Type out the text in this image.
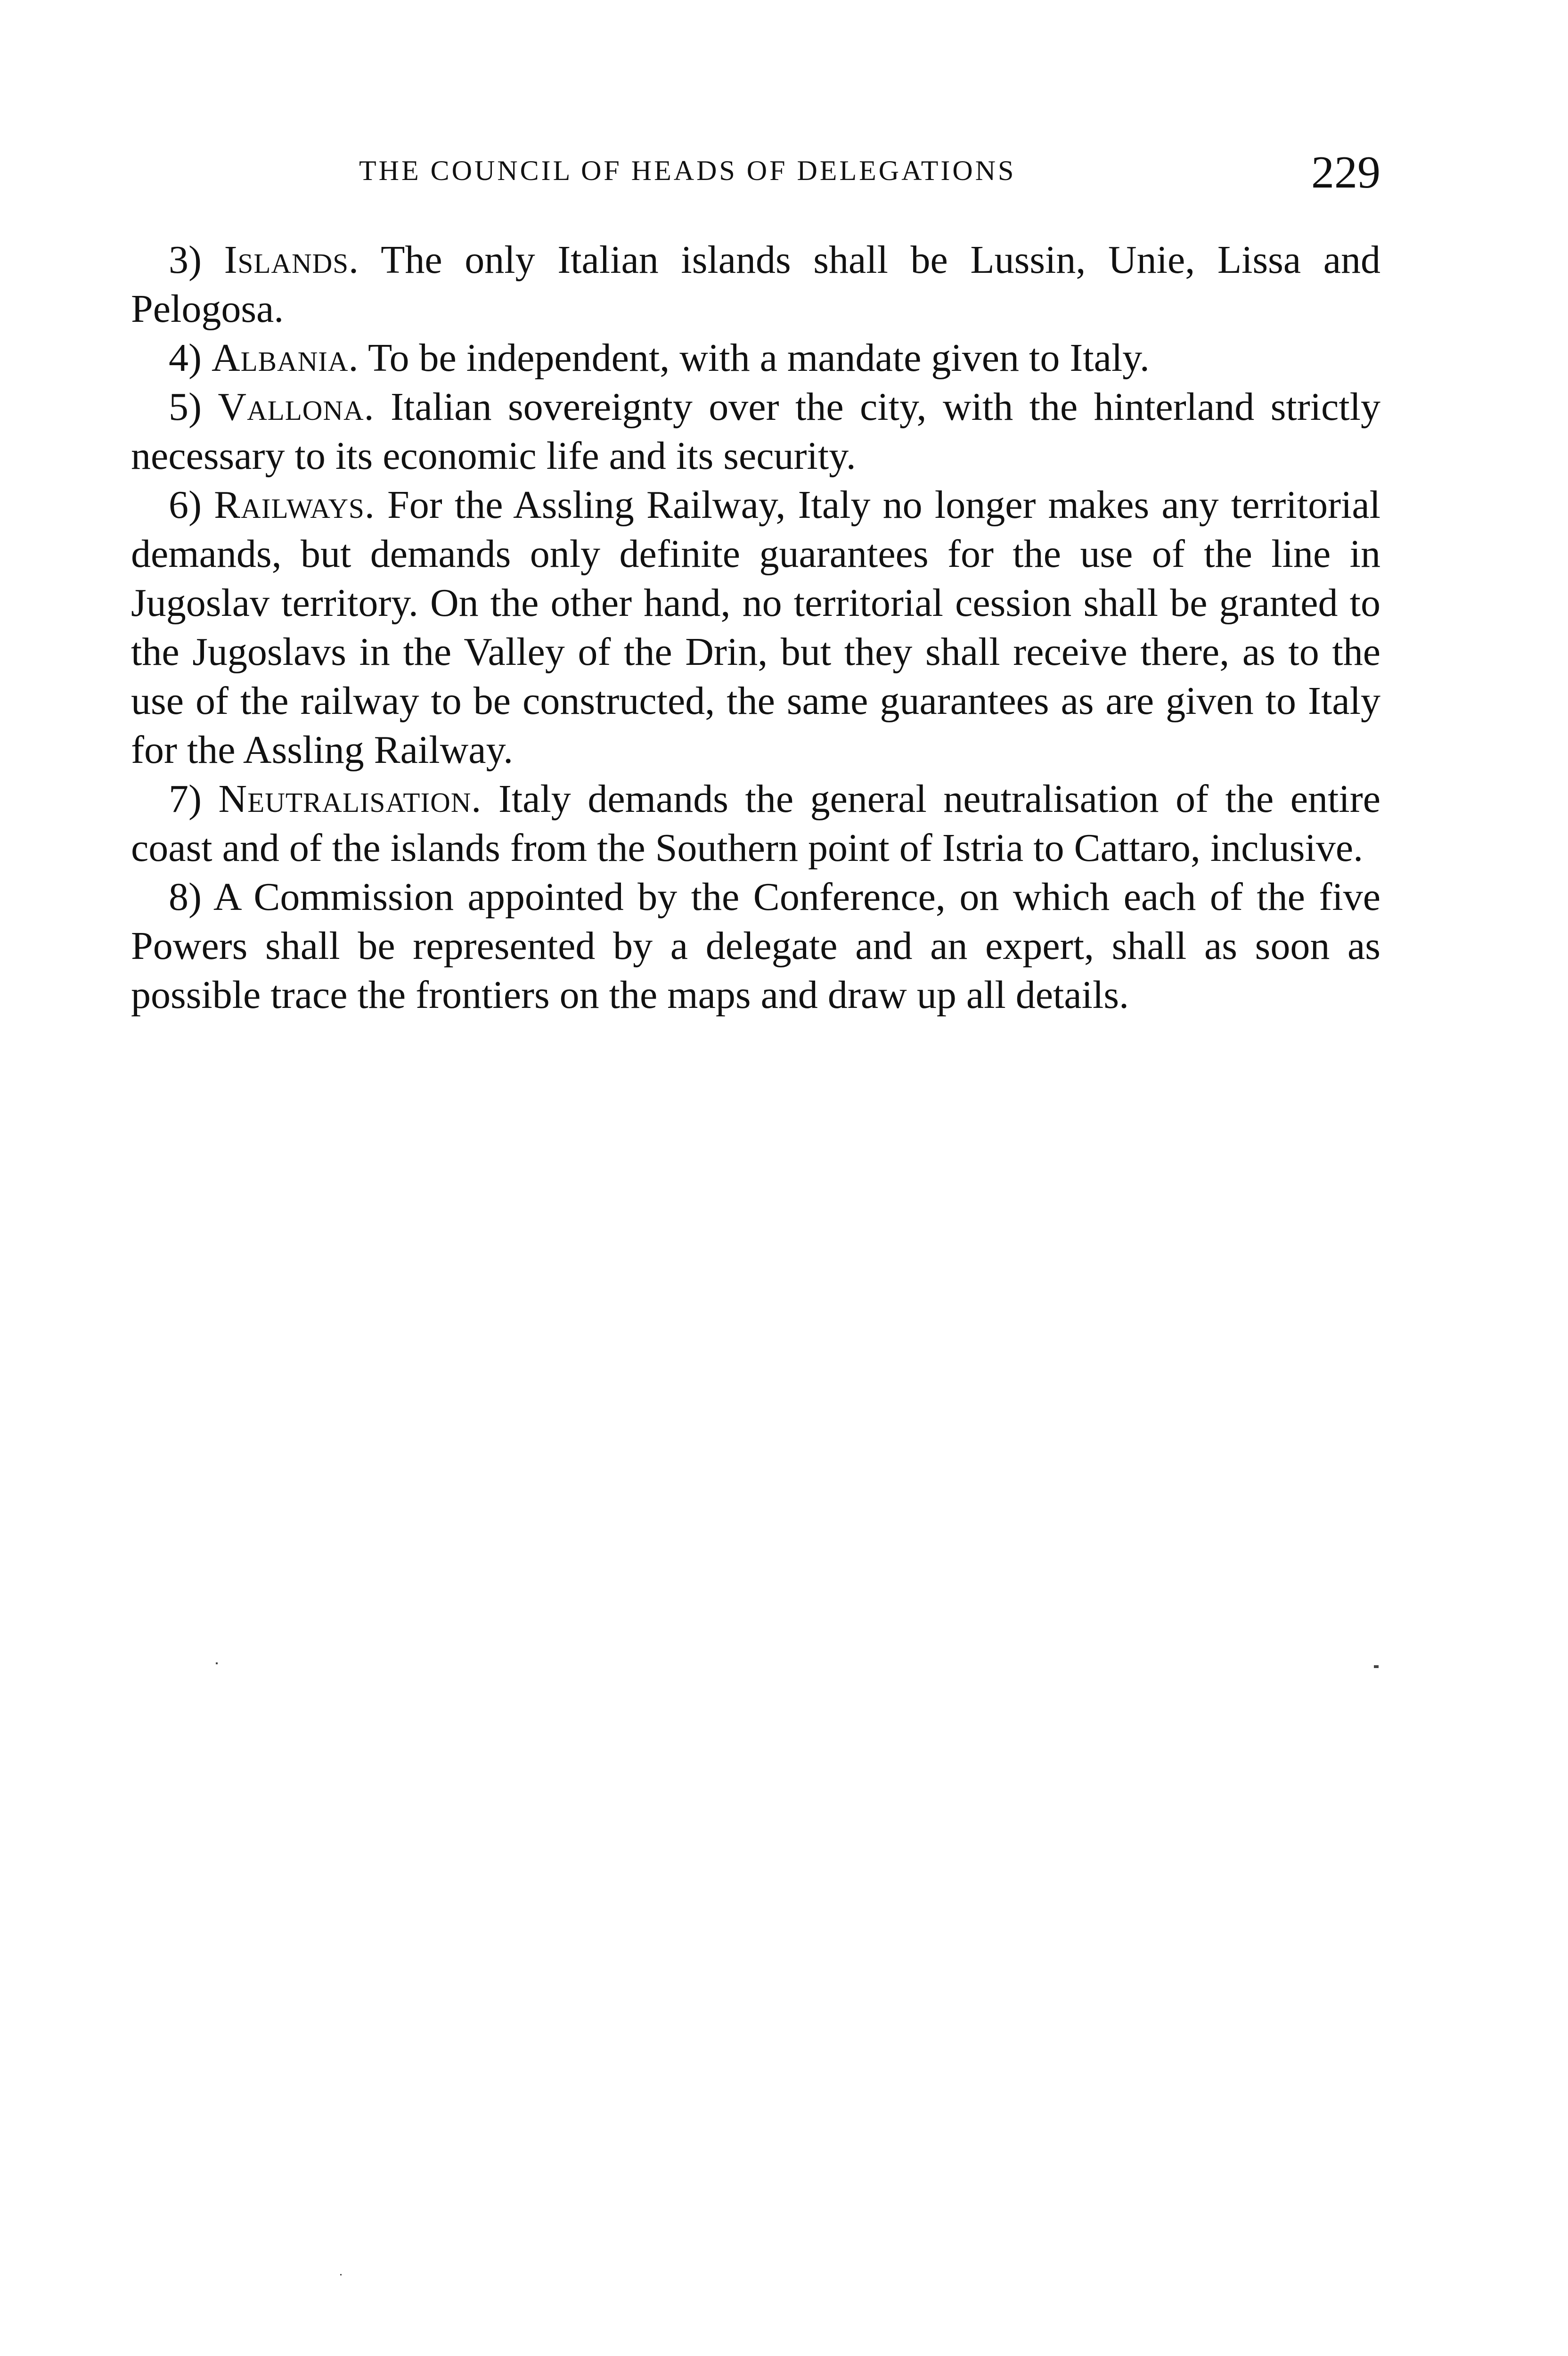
THE COUNCIL OF HEADS OF DELEGATIONS	229

3) Islands. The only Italian islands shall be Lussin, Unie, Lissa and Pelogosa.

4) Albania. To be independent, with a mandate given to Italy.

5) Vallona. Italian sovereignty over the city, with the hinterland strictly necessary to its economic life and its security.

6) Railways. For the Assling Railway, Italy no longer makes any territorial demands, but demands only definite guarantees for the use of the line in Jugoslav territory. On the other hand, no territorial cession shall be granted to the Jugoslavs in the Valley of the Drin, but they shall receive there, as to the use of the railway to be constructed, the same guarantees as are given to Italy for the Assling Railway.

7) Neutralisation. Italy demands the general neutralisation of the entire coast and of the islands from the Southern point of Istria to Cattaro, inclusive.

8) A Commission appointed by the Conference, on which each of the five Powers shall be represented by a delegate and an expert, shall as soon as possible trace the frontiers on the maps and draw up all details.
